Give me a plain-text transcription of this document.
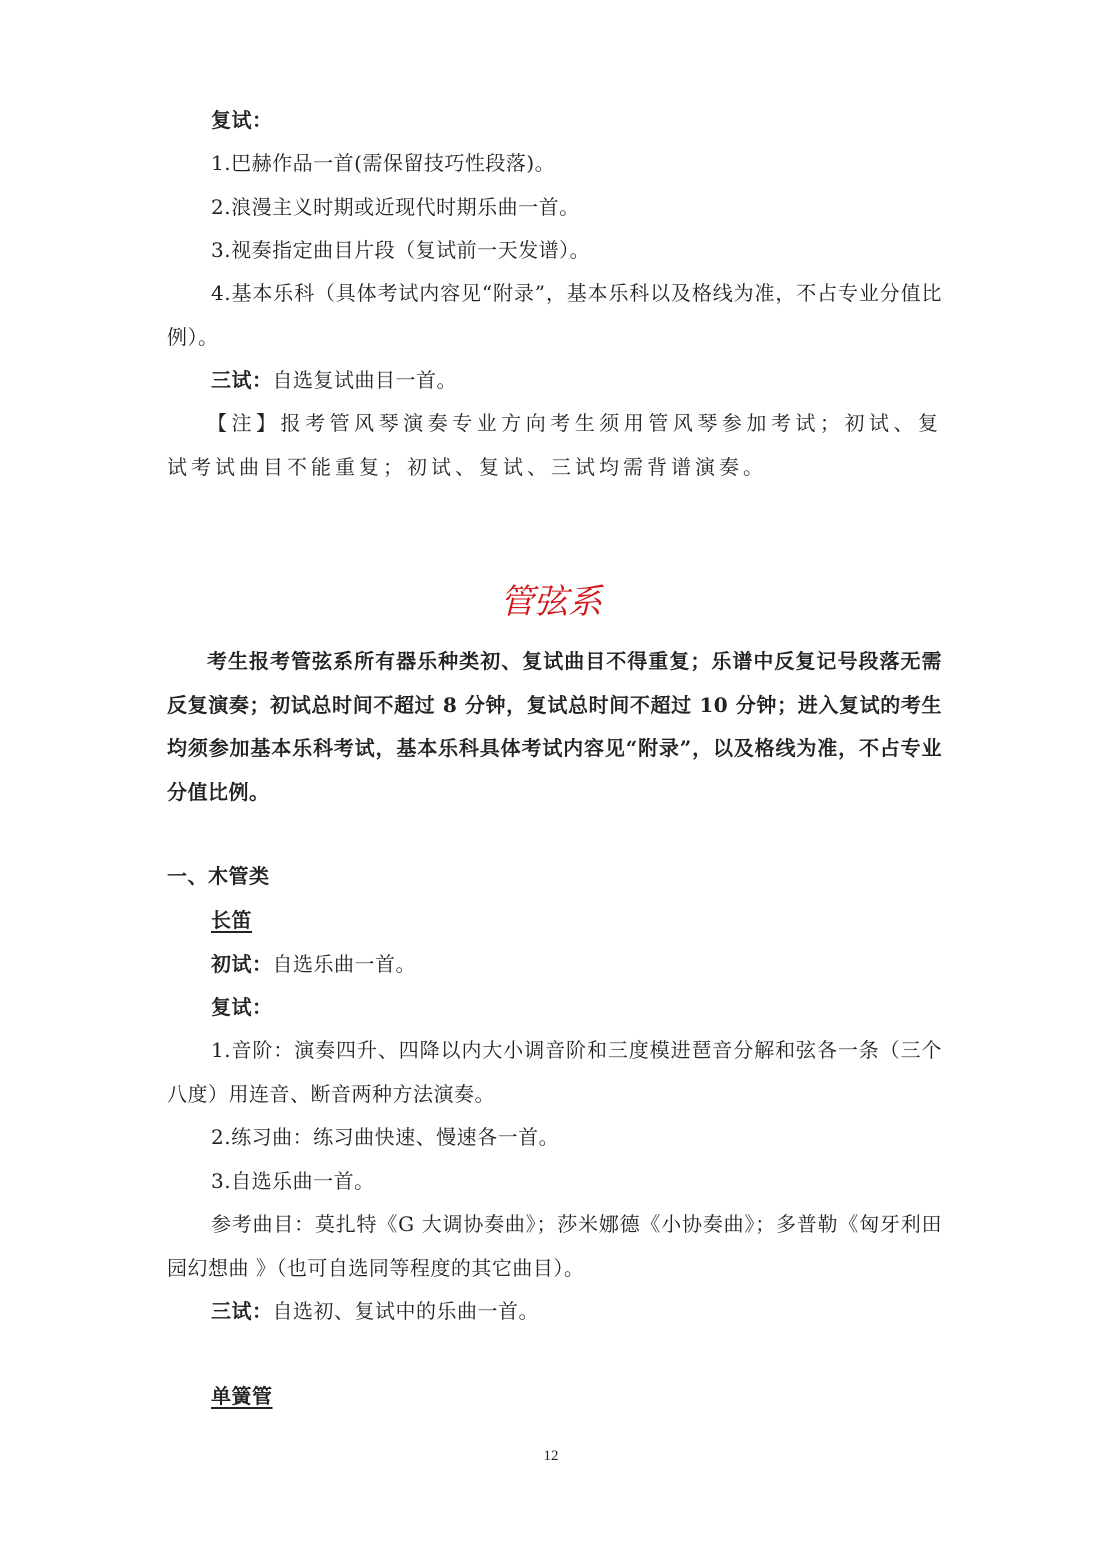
复试：
1.巴赫作品一首(需保留技巧性段落)。
2.浪漫主义时期或近现代时期乐曲一首。
3.视奏指定曲目片段（复试前一天发谱）。
4.基本乐科（具体考试内容见“附录”，基本乐科以及格线为准，不占专业分值比例）。
三试：自选复试曲目一首。
【注】报考管风琴演奏专业方向考生须用管风琴参加考试；初试、复试考试曲目不能重复；初试、复试、三试均需背谱演奏。
管弦系
考生报考管弦系所有器乐种类初、复试曲目不得重复；乐谱中反复记号段落无需反复演奏；初试总时间不超过 8 分钟，复试总时间不超过 10 分钟；进入复试的考生均须参加基本乐科考试，基本乐科具体考试内容见“附录”，以及格线为准，不占专业分值比例。
一、木管类
长笛
初试：自选乐曲一首。
复试：
1.音阶：演奏四升、四降以内大小调音阶和三度模进琶音分解和弦各一条（三个八度）用连音、断音两种方法演奏。
2.练习曲：练习曲快速、慢速各一首。
3.自选乐曲一首。
参考曲目：莫扎特《G 大调协奏曲》；莎米娜德《小协奏曲》；多普勒《匈牙利田园幻想曲 》（也可自选同等程度的其它曲目）。
三试：自选初、复试中的乐曲一首。
单簧管
12
